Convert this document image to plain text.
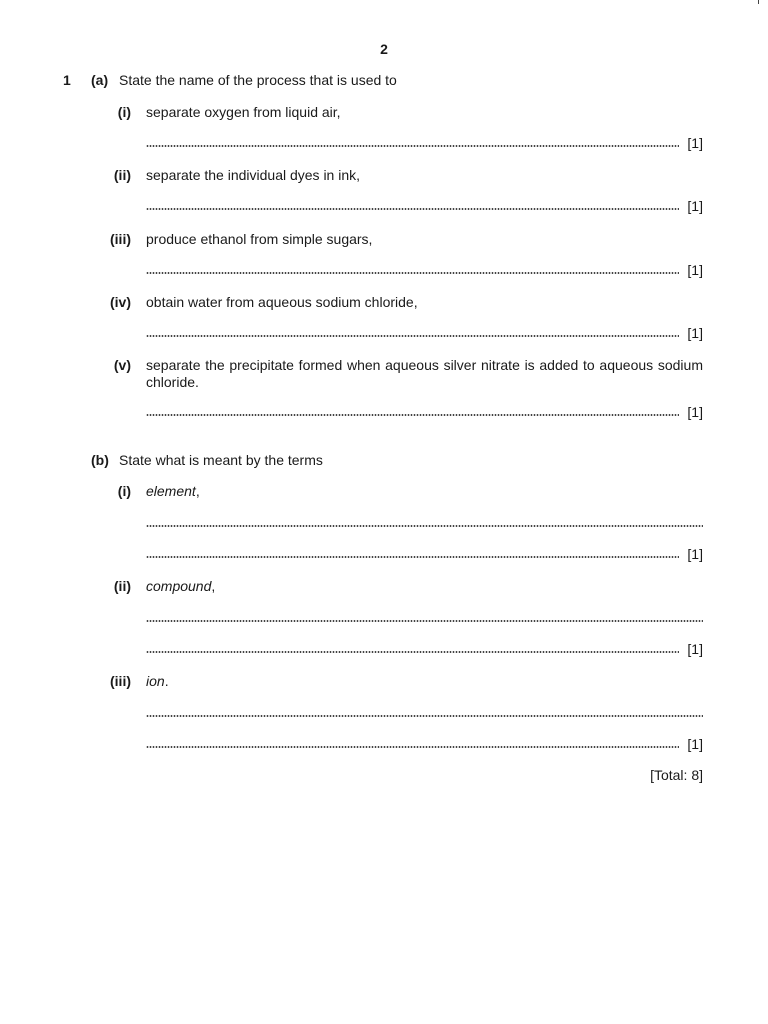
2
1 (a) State the name of the process that is used to
(i) separate oxygen from liquid air,
[1]
(ii) separate the individual dyes in ink,
[1]
(iii) produce ethanol from simple sugars,
[1]
(iv) obtain water from aqueous sodium chloride,
[1]
(v) separate the precipitate formed when aqueous silver nitrate is added to aqueous sodium chloride.
[1]
(b) State what is meant by the terms
(i) element,
[1]
(ii) compound,
[1]
(iii) ion.
[1]
[Total: 8]
